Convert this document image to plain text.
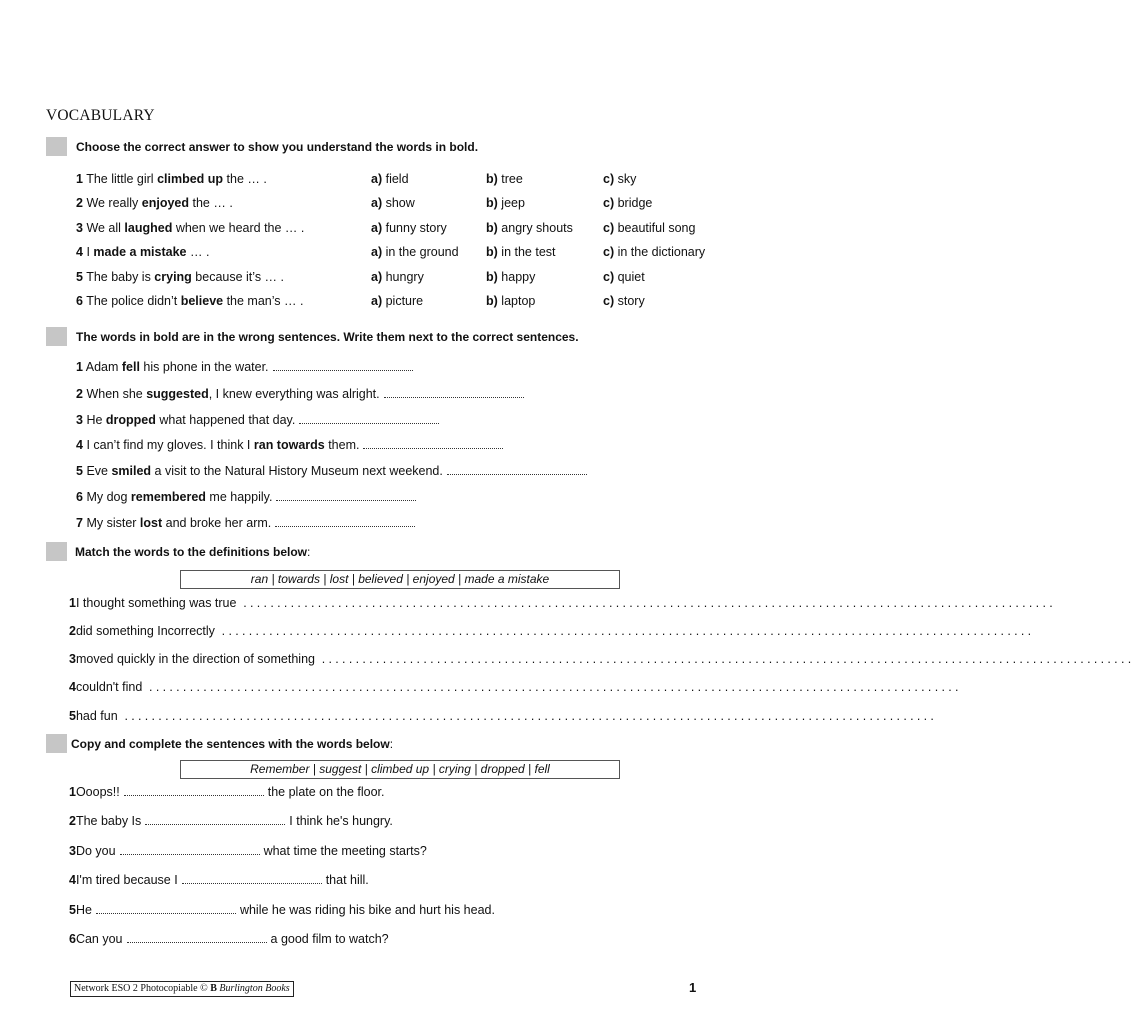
VOCABULARY
Choose the correct answer to show you understand the words in bold.
1 The little girl climbed up the … .	a) field	b) tree	c) sky
2 We really enjoyed the … .	a) show	b) jeep	c) bridge
3 We all laughed when we heard the … .	a) funny story	b) angry shouts c) beautiful song
4 I made a mistake … .	a) in the ground b) in the test	c) in the dictionary
5 The baby is crying because it’s … .	a) hungry	b) happy	c) quiet
6 The police didn’t believe the man’s … .	a) picture	b) laptop	c) story
The words in bold are in the wrong sentences. Write them next to the correct sentences.
1 Adam fell his phone in the water.
2 When she suggested, I knew everything was alright.
3 He dropped what happened that day.
4 I can’t find my gloves. I think I ran towards them.
5 Eve smiled a visit to the Natural History Museum next weekend.
6 My dog remembered me happily.
7 My sister lost and broke her arm.
Match the words to the definitions below:
ran | towards | lost | believed | enjoyed | made a mistake
1I thought something was true ........................................................................................................................
2did something Incorrectly ........................................................................................................................
3moved quickly in the direction of something ........................................................................................................................
4couldn't find ........................................................................................................................
5had fun ........................................................................................................................
Copy and complete the sentences with the words below:
Remember | suggest | climbed up | crying | dropped | fell
1Ooops!!	the plate on the floor.
2The baby Is	I think he's hungry.
3Do you	what time the meeting starts?
4I'm tired because I	that hill.
5He	while he was riding his bike and hurt his head.
6Can you	a good film to watch?
Network ESO 2 Photocopiable © B Burlington Books	1
